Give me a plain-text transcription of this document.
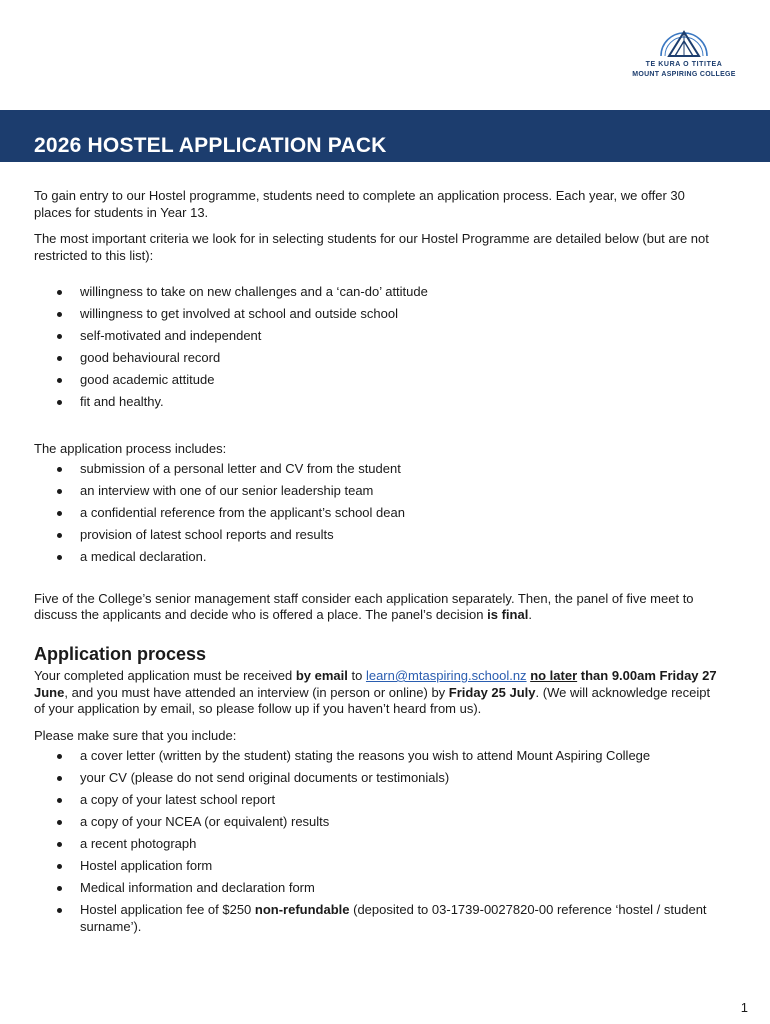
TE KURA O TITITEA
MOUNT ASPIRING COLLEGE
2026 HOSTEL APPLICATION PACK

To gain entry to our Hostel programme, students need to complete an application process. Each year, we offer 30 places for students in Year 13.

The most important criteria we look for in selecting students for our Hostel Programme are detailed below (but are not restricted to this list):

willingness to take on new challenges and a ‘can-do’ attitude
willingness to get involved at school and outside school
self-motivated and independent
good behavioural record
good academic attitude
fit and healthy.

The application process includes:

submission of a personal letter and CV from the student
an interview with one of our senior leadership team
a confidential reference from the applicant’s school dean
provision of latest school reports and results
a medical declaration.

Five of the College’s senior management staff consider each application separately. Then, the panel of five meet to discuss the applicants and decide who is offered a place. The panel’s decision is final.

Application process

Your completed application must be received by email to learn@mtaspiring.school.nz no later than 9.00am Friday 27 June, and you must have attended an interview (in person or online) by Friday 25 July. (We will acknowledge receipt of your application by email, so please follow up if you haven’t heard from us).

Please make sure that you include:

a cover letter (written by the student) stating the reasons you wish to attend Mount Aspiring College
your CV (please do not send original documents or testimonials)
a copy of your latest school report
a copy of your NCEA (or equivalent) results
a recent photograph
Hostel application form
Medical information and declaration form
Hostel application fee of $250 non-refundable (deposited to 03-1739-0027820-00 reference ‘hostel / student surname’).
1
